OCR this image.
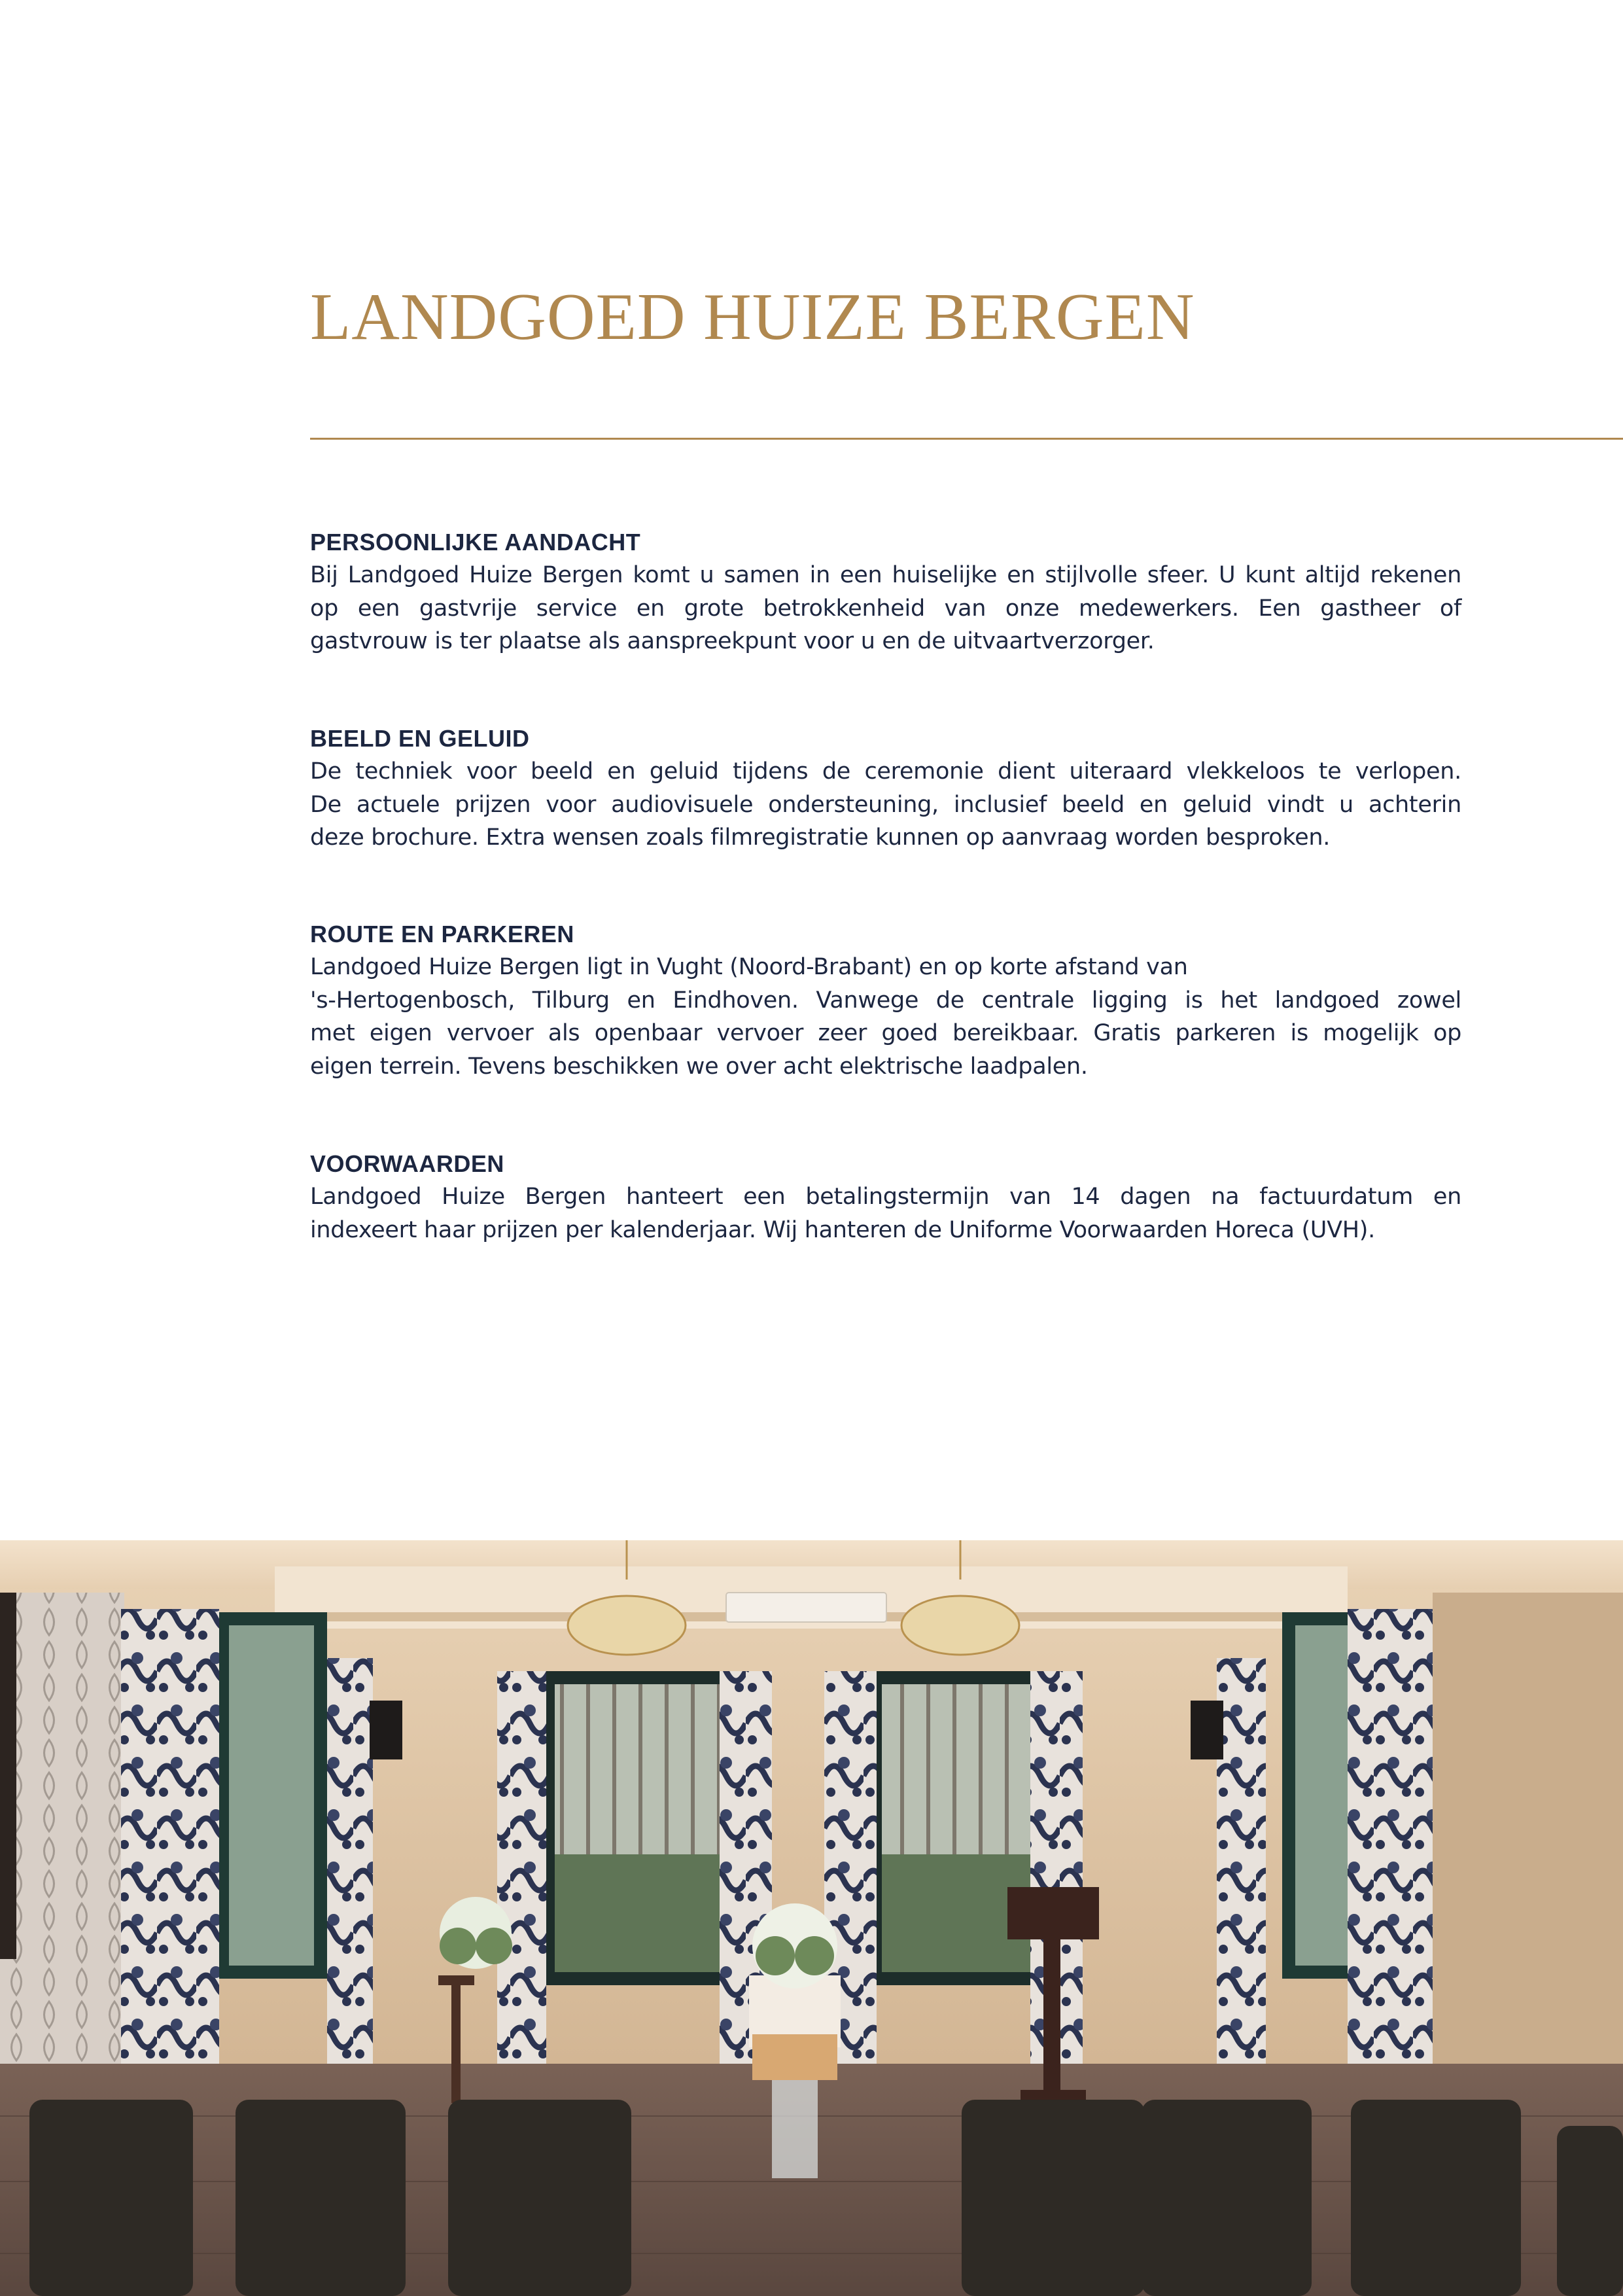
LANDGOED HUIZE BERGEN
PERSOONLIJKE AANDACHT

Bij Landgoed Huize Bergen komt u samen in een huiselijke en stijlvolle sfeer. U kunt altijd rekenen
op een gastvrije service en grote betrokkenheid van onze medewerkers. Een gastheer of
gastvrouw is ter plaatse als aanspreekpunt voor u en de uitvaartverzorger.

BEELD EN GELUID

De techniek voor beeld en geluid tijdens de ceremonie dient uiteraard vlekkeloos te verlopen.
De actuele prijzen voor audiovisuele ondersteuning, inclusief beeld en geluid vindt u achterin
deze brochure. Extra wensen zoals filmregistratie kunnen op aanvraag worden besproken.

ROUTE EN PARKEREN

Landgoed Huize Bergen ligt in Vught (Noord-Brabant) en op korte afstand van
's-Hertogenbosch, Tilburg en Eindhoven. Vanwege de centrale ligging is het landgoed zowel
met eigen vervoer als openbaar vervoer zeer goed bereikbaar. Gratis parkeren is mogelijk op
eigen terrein. Tevens beschikken we over acht elektrische laadpalen.

VOORWAARDEN

Landgoed Huize Bergen hanteert een betalingstermijn van 14 dagen na factuurdatum en
indexeert haar prijzen per kalenderjaar. Wij hanteren de Uniforme Voorwaarden Horeca (UVH).
